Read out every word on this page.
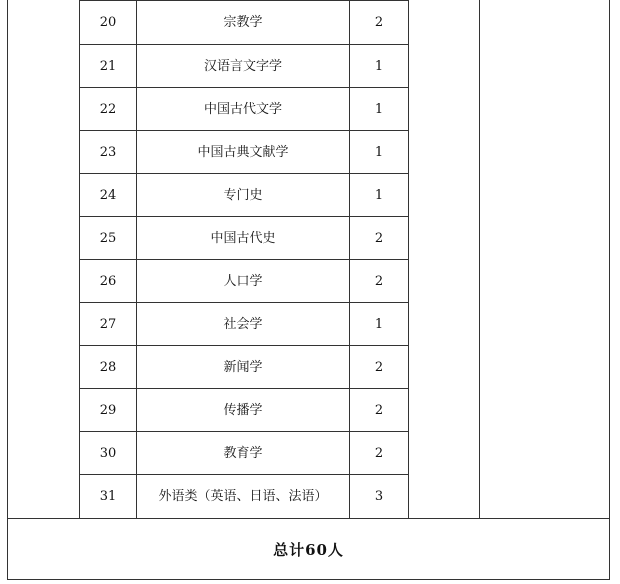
20	宗教学	2
21	汉语言文字学	1
22	中国古代文学	1
23	中国古典文献学	1
24	专门史	1
25	中国古代史	2
26	人口学	2
27	社会学	1
28	新闻学	2
29	传播学	2
30	教育学	2
31	外语类（英语、日语、法语）	3
总计60人
